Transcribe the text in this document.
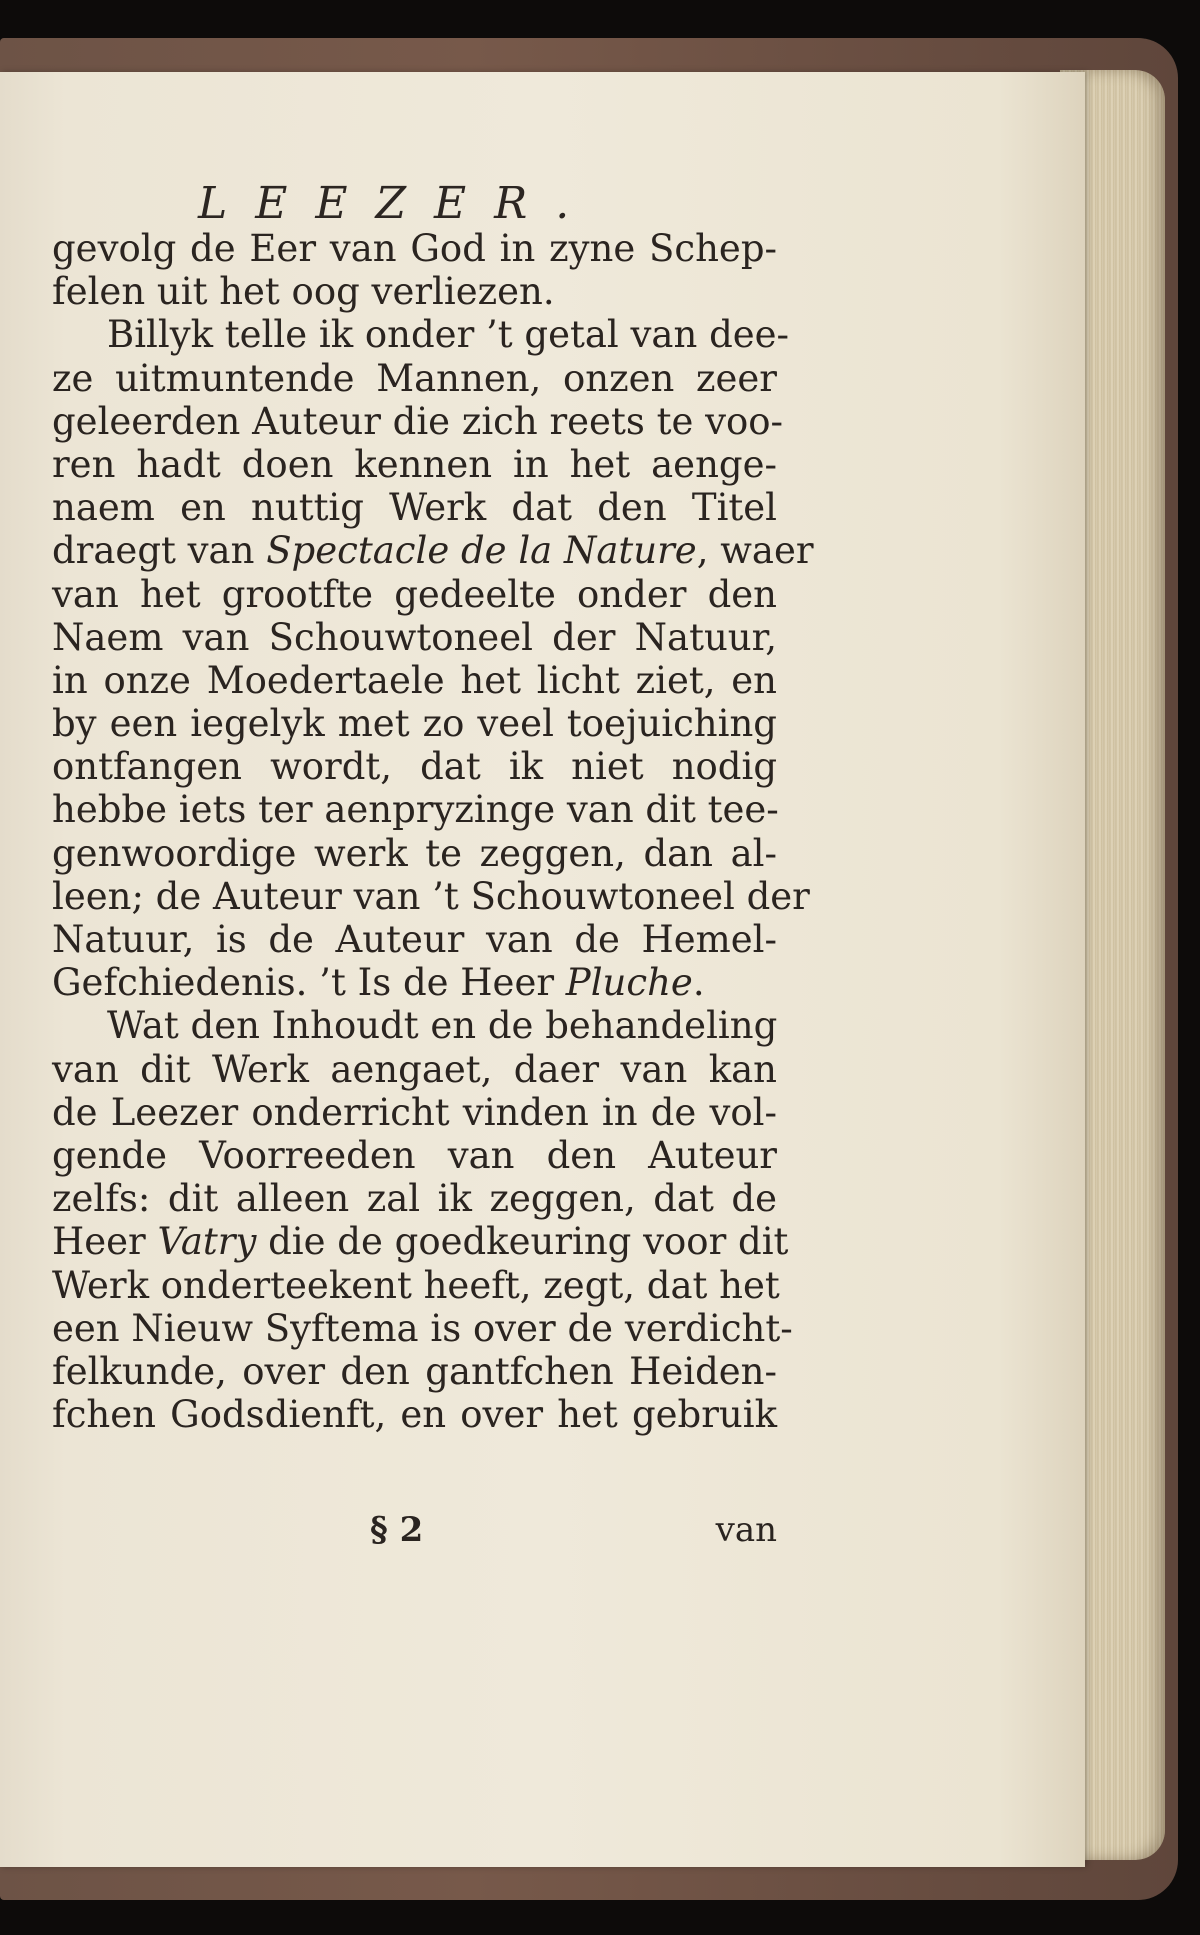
LEEZER.
gevolg de Eer van God in zyne Schep-
felen uit het oog verliezen.
Billyk telle ik onder ’t getal van dee-
ze uitmuntende Mannen, onzen zeer
geleerden Auteur die zich reets te voo-
ren hadt doen kennen in het aenge-
naem en nuttig Werk dat den Titel
draegt van Spectacle de la Nature, waer
van het grootfte gedeelte onder den
Naem van Schouwtoneel der Natuur,
in onze Moedertaele het licht ziet, en
by een iegelyk met zo veel toejuiching
ontfangen wordt, dat ik niet nodig
hebbe iets ter aenpryzinge van dit tee-
genwoordige werk te zeggen, dan al-
leen; de Auteur van ’t Schouwtoneel der
Natuur, is de Auteur van de Hemel-
Gefchiedenis. ’t Is de Heer Pluche.
Wat den Inhoudt en de behandeling
van dit Werk aengaet, daer van kan
de Leezer onderricht vinden in de vol-
gende Voorreeden van den Auteur
zelfs: dit alleen zal ik zeggen, dat de
Heer Vatry die de goedkeuring voor dit
Werk onderteekent heeft, zegt, dat het
een Nieuw Syftema is over de verdicht-
felkunde, over den gantfchen Heiden-
fchen Godsdienft, en over het gebruik
§ 2	van
